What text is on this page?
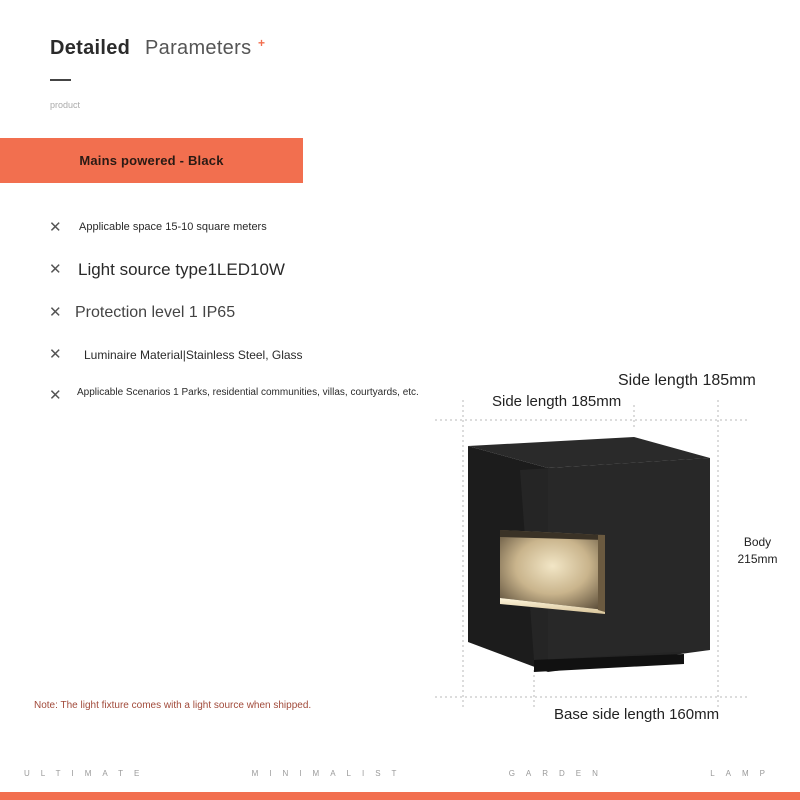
Detailed Parameters +
product
Mains powered - Black
✕ Applicable space 15-10 square meters
✕ Light source type1LED10W
✕ Protection level 1 IP65
✕ Luminaire Material|Stainless Steel, Glass
✕ Applicable Scenarios 1 Parks, residential communities, villas, courtyards, etc.
Side length 185mm
Side length 185mm
Body
215mm
Base side length 160mm
Note: The light fixture comes with a light source when shipped.
ULTIMATE	MINIMALIST	GARDEN	LAMP
